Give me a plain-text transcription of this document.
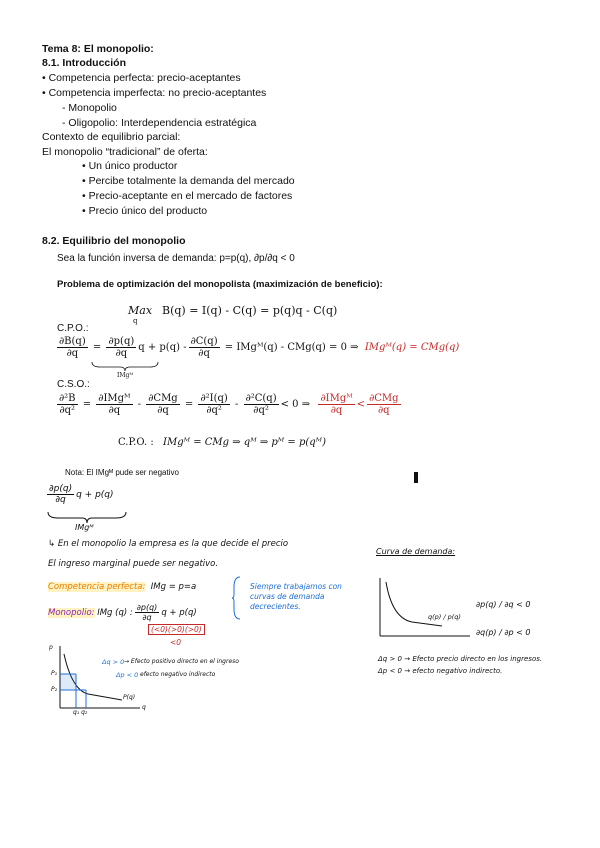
Tema 8: El monopolio:
8.1. Introducción
• Competencia perfecta: precio-aceptantes
• Competencia imperfecta: no precio-aceptantes
- Monopolio
- Oligopolio: Interdependencia estratégica
Contexto de equilibrio parcial:
El monopolio “tradicional” de oferta:
• Un único productor
• Percibe totalmente la demanda del mercado
• Precio-aceptante en el mercado de factores
• Precio único del producto
8.2. Equilibrio del monopolio
Sea la función inversa de demanda: p=p(q), ∂p/∂q < 0
Problema de optimización del monopolista (maximización de beneficio):
Max
q
B(q) = I(q) - C(q) = p(q)q - C(q)
C.P.O.:
$\frac{\partial B(q)}{\partial q} = \frac{\partial p(q)}{\partial q}$ $q + p(q) - \frac{\partial C(q)}{\partial q}$
= IMgᴹ(q) - CMg(q) = 0 ⇒
IMgᴹ(q) = CMg(q)
IMgᴹ
C.S.O.:
$\frac{\text{∂²B}}{\text{∂q²}} = \frac{\text{∂IMgᴹ}}{\partial q} - \frac{\text{∂CMg}}{\partial q} = \frac{\text{∂²I(q)}}{\text{∂q²}} - \frac{\text{∂²C(q)}}{\text{∂q²}} < 0$ ⇒
$\frac{\text{∂IMgᴹ}}{\partial q} < \frac{\text{∂CMg}}{\partial q}$
C.P.O. : IMgᴹ = CMg ⇒ qᴹ ⇒ pᴹ = p(qᴹ)
Nota: El IMgᴹ pude ser negativo
$\frac{\partial p(q)}{\partial q}$ q + p(q)
IMgᴹ
↳ En el monopolio la empresa es la que decide el precio
El ingreso marginal puede ser negativo.
Competencia perfecta: IMg = p=a
Monopolio:
IMg (q) : $\frac{\partial p(q)}{\partial q}$ q + p(q)
(<0)(>0)(>0)
<0
Siempre trabajamos con curvas de demanda decrecientes.
Curva de demanda:
q(p) / p(q)
∂p(q) / ∂q < 0
∂q(p) / ∂p < 0
Δq > 0 → Efecto precio directo en los ingresos.
Δp < 0 → efecto negativo indirecto.
p
q
P₁
P₂
q₁ q₂
P(q)
Δq > 0 → Efecto positivo directo en el ingreso
Δp < 0 efecto negativo indirecto
